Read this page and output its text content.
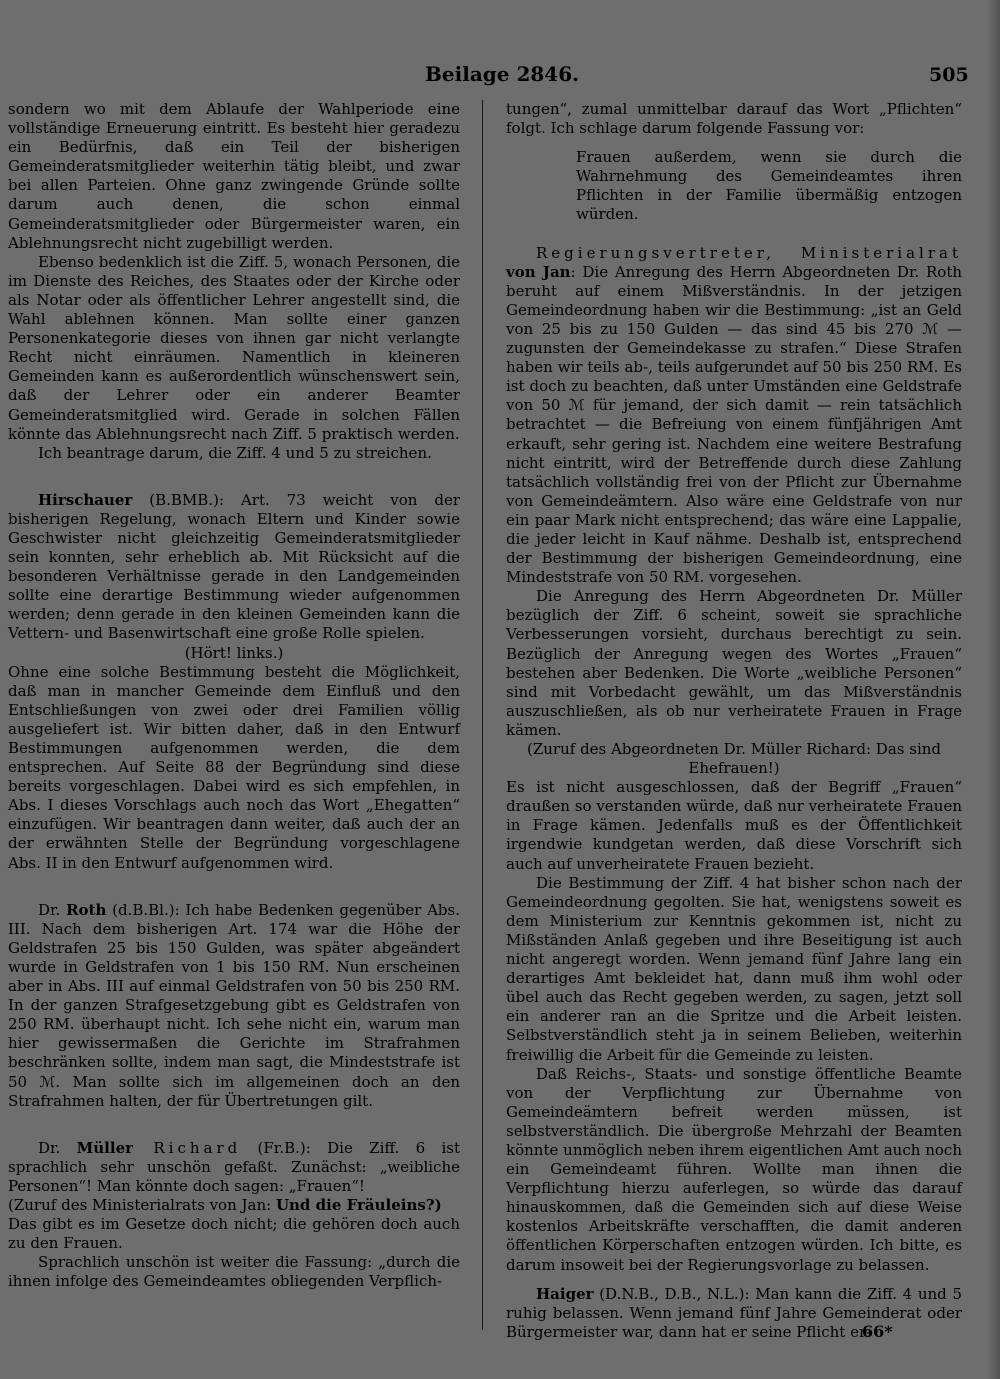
Beilage 2846.	505

sondern wo mit dem Ablaufe der Wahlperiode eine vollständige Erneuerung eintritt. Es besteht hier geradezu ein Bedürfnis, daß ein Teil der bisherigen Gemeinderatsmitglieder weiterhin tätig bleibt, und zwar bei allen Parteien. Ohne ganz zwingende Gründe sollte darum auch denen, die schon einmal Gemeinderatsmitglieder oder Bürgermeister waren, ein Ablehnungsrecht nicht zugebilligt werden.

Ebenso bedenklich ist die Ziff. 5, wonach Personen, die im Dienste des Reiches, des Staates oder der Kirche oder als Notar oder als öffentlicher Lehrer angestellt sind, die Wahl ablehnen können. Man sollte einer ganzen Personenkategorie dieses von ihnen gar nicht verlangte Recht nicht einräumen. Namentlich in kleineren Gemeinden kann es außerordentlich wünschenswert sein, daß der Lehrer oder ein anderer Beamter Gemeinderatsmitglied wird. Gerade in solchen Fällen könnte das Ablehnungsrecht nach Ziff. 5 praktisch werden.

Ich beantrage darum, die Ziff. 4 und 5 zu streichen.

Hirschauer (B.BMB.): Art. 73 weicht von der bisherigen Regelung, wonach Eltern und Kinder sowie Geschwister nicht gleichzeitig Gemeinderatsmitglieder sein konnten, sehr erheblich ab. Mit Rücksicht auf die besonderen Verhältnisse gerade in den Landgemeinden sollte eine derartige Bestimmung wieder aufgenommen werden; denn gerade in den kleinen Gemeinden kann die Vettern- und Basenwirtschaft eine große Rolle spielen.

(Hört! links.)

Ohne eine solche Bestimmung besteht die Möglichkeit, daß man in mancher Gemeinde dem Einfluß und den Entschließungen von zwei oder drei Familien völlig ausgeliefert ist. Wir bitten daher, daß in den Entwurf Bestimmungen aufgenommen werden, die dem entsprechen. Auf Seite 88 der Begründung sind diese bereits vorgeschlagen. Dabei wird es sich empfehlen, in Abs. I dieses Vorschlags auch noch das Wort „Ehegatten“ einzufügen. Wir beantragen dann weiter, daß auch der an der erwähnten Stelle der Begründung vorgeschlagene Abs. II in den Entwurf aufgenommen wird.

Dr. Roth (d.B.Bl.): Ich habe Bedenken gegenüber Abs. III. Nach dem bisherigen Art. 174 war die Höhe der Geldstrafen 25 bis 150 Gulden, was später abgeändert wurde in Geldstrafen von 1 bis 150 RM. Nun erscheinen aber in Abs. III auf einmal Geldstrafen von 50 bis 250 RM. In der ganzen Strafgesetzgebung gibt es Geldstrafen von 250 RM. überhaupt nicht. Ich sehe nicht ein, warum man hier gewissermaßen die Gerichte im Strafrahmen beschränken sollte, indem man sagt, die Mindeststrafe ist 50 ℳ. Man sollte sich im allgemeinen doch an den Strafrahmen halten, der für Übertretungen gilt.

Dr. Müller Richard (Fr.B.): Die Ziff. 6 ist sprachlich sehr unschön gefaßt. Zunächst: „weibliche Personen“! Man könnte doch sagen: „Frauen“!

(Zuruf des Ministerialrats von Jan: Und die Fräuleins?)

Das gibt es im Gesetze doch nicht; die gehören doch auch zu den Frauen.

Sprachlich unschön ist weiter die Fassung: „durch die ihnen infolge des Gemeindeamtes obliegenden Verpflich-

tungen“, zumal unmittelbar darauf das Wort „Pflichten“ folgt. Ich schlage darum folgende Fassung vor:

Frauen außerdem, wenn sie durch die Wahrnehmung des Gemeindeamtes ihren Pflichten in der Familie übermäßig entzogen würden.

Regierungsvertreter, Ministerialrat von Jan: Die Anregung des Herrn Abgeordneten Dr. Roth beruht auf einem Mißverständnis. In der jetzigen Gemeindeordnung haben wir die Bestimmung: „ist an Geld von 25 bis zu 150 Gulden — das sind 45 bis 270 ℳ — zugunsten der Gemeindekasse zu strafen.“ Diese Strafen haben wir teils ab-, teils aufgerundet auf 50 bis 250 RM. Es ist doch zu beachten, daß unter Umständen eine Geldstrafe von 50 ℳ für jemand, der sich damit — rein tatsächlich betrachtet — die Befreiung von einem fünfjährigen Amt erkauft, sehr gering ist. Nachdem eine weitere Bestrafung nicht eintritt, wird der Betreffende durch diese Zahlung tatsächlich vollständig frei von der Pflicht zur Übernahme von Gemeindeämtern. Also wäre eine Geldstrafe von nur ein paar Mark nicht entsprechend; das wäre eine Lappalie, die jeder leicht in Kauf nähme. Deshalb ist, entsprechend der Bestimmung der bisherigen Gemeindeordnung, eine Mindeststrafe von 50 RM. vorgesehen.

Die Anregung des Herrn Abgeordneten Dr. Müller bezüglich der Ziff. 6 scheint, soweit sie sprachliche Verbesserungen vorsieht, durchaus berechtigt zu sein. Bezüglich der Anregung wegen des Wortes „Frauen“ bestehen aber Bedenken. Die Worte „weibliche Personen“ sind mit Vorbedacht gewählt, um das Mißverständnis auszuschließen, als ob nur verheiratete Frauen in Frage kämen.

(Zuruf des Abgeordneten Dr. Müller Richard: Das sind Ehefrauen!)

Es ist nicht ausgeschlossen, daß der Begriff „Frauen“ draußen so verstanden würde, daß nur verheiratete Frauen in Frage kämen. Jedenfalls muß es der Öffentlichkeit irgendwie kundgetan werden, daß diese Vorschrift sich auch auf unverheiratete Frauen bezieht.

Die Bestimmung der Ziff. 4 hat bisher schon nach der Gemeindeordnung gegolten. Sie hat, wenigstens soweit es dem Ministerium zur Kenntnis gekommen ist, nicht zu Mißständen Anlaß gegeben und ihre Beseitigung ist auch nicht angeregt worden. Wenn jemand fünf Jahre lang ein derartiges Amt bekleidet hat, dann muß ihm wohl oder übel auch das Recht gegeben werden, zu sagen, jetzt soll ein anderer ran an die Spritze und die Arbeit leisten. Selbstverständlich steht ja in seinem Belieben, weiterhin freiwillig die Arbeit für die Gemeinde zu leisten.

Daß Reichs-, Staats- und sonstige öffentliche Beamte von der Verpflichtung zur Übernahme von Gemeindeämtern befreit werden müssen, ist selbstverständlich. Die übergroße Mehrzahl der Beamten könnte unmöglich neben ihrem eigentlichen Amt auch noch ein Gemeindeamt führen. Wollte man ihnen die Verpflichtung hierzu auferlegen, so würde das darauf hinauskommen, daß die Gemeinden sich auf diese Weise kostenlos Arbeitskräfte verschafften, die damit anderen öffentlichen Körperschaften entzogen würden. Ich bitte, es darum insoweit bei der Regierungsvorlage zu belassen.

Haiger (D.N.B., D.B., N.L.): Man kann die Ziff. 4 und 5 ruhig belassen. Wenn jemand fünf Jahre Gemeinderat oder Bürgermeister war, dann hat er seine Pflicht er-

66*
